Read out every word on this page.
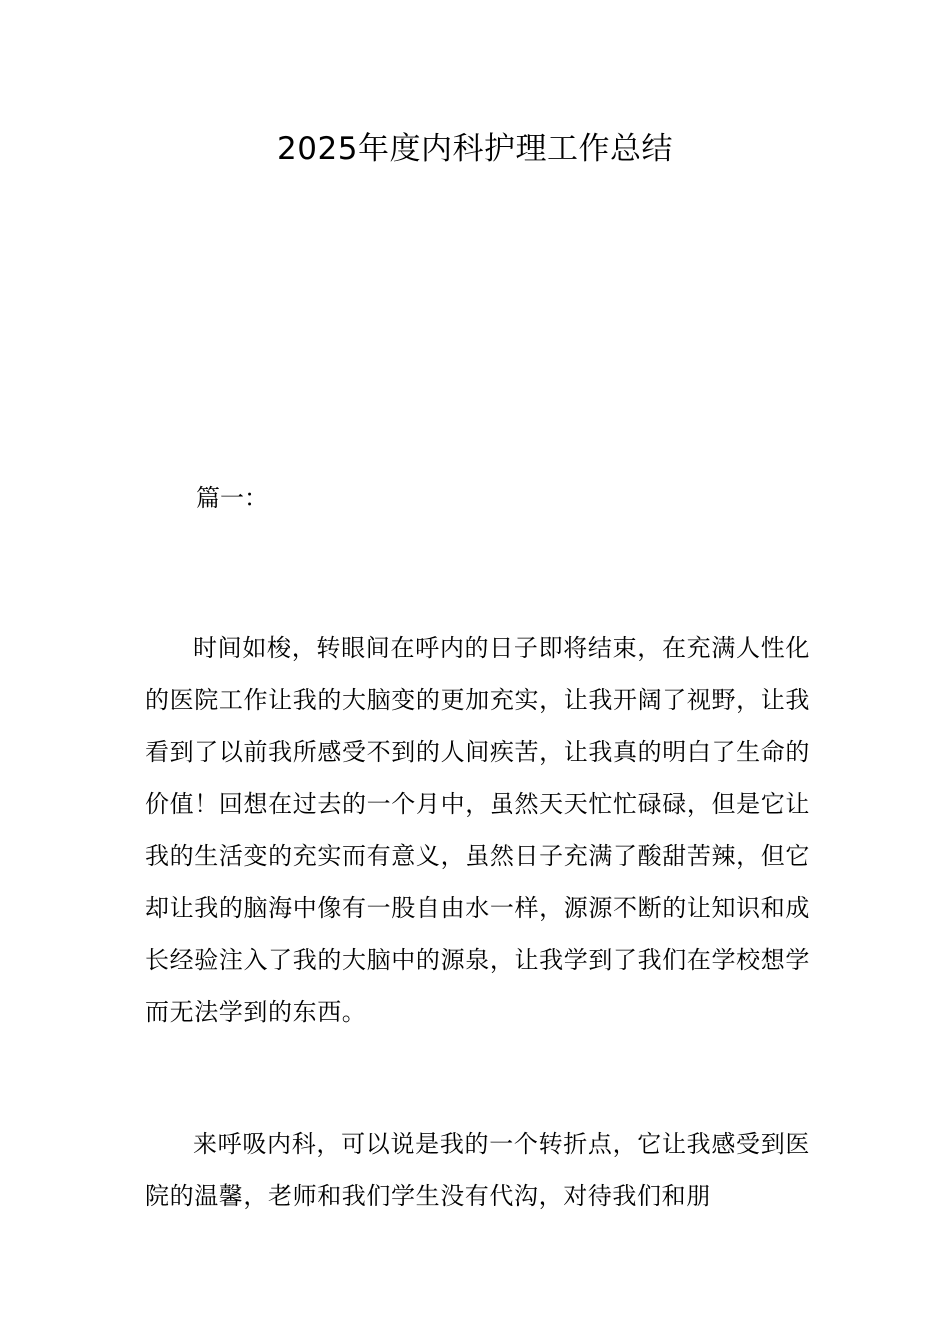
2025年度内科护理工作总结

篇一：

时间如梭，转眼间在呼内的日子即将结束，在充满人性化的医院工作让我的大脑变的更加充实，让我开阔了视野，让我看到了以前我所感受不到的人间疾苦，让我真的明白了生命的价值！回想在过去的一个月中，虽然天天忙忙碌碌，但是它让我的生活变的充实而有意义，虽然日子充满了酸甜苦辣，但它却让我的脑海中像有一股自由水一样，源源不断的让知识和成长经验注入了我的大脑中的源泉，让我学到了我们在学校想学而无法学到的东西。

来呼吸内科，可以说是我的一个转折点，它让我感受到医院的温馨，老师和我们学生没有代沟，对待我们和朋
